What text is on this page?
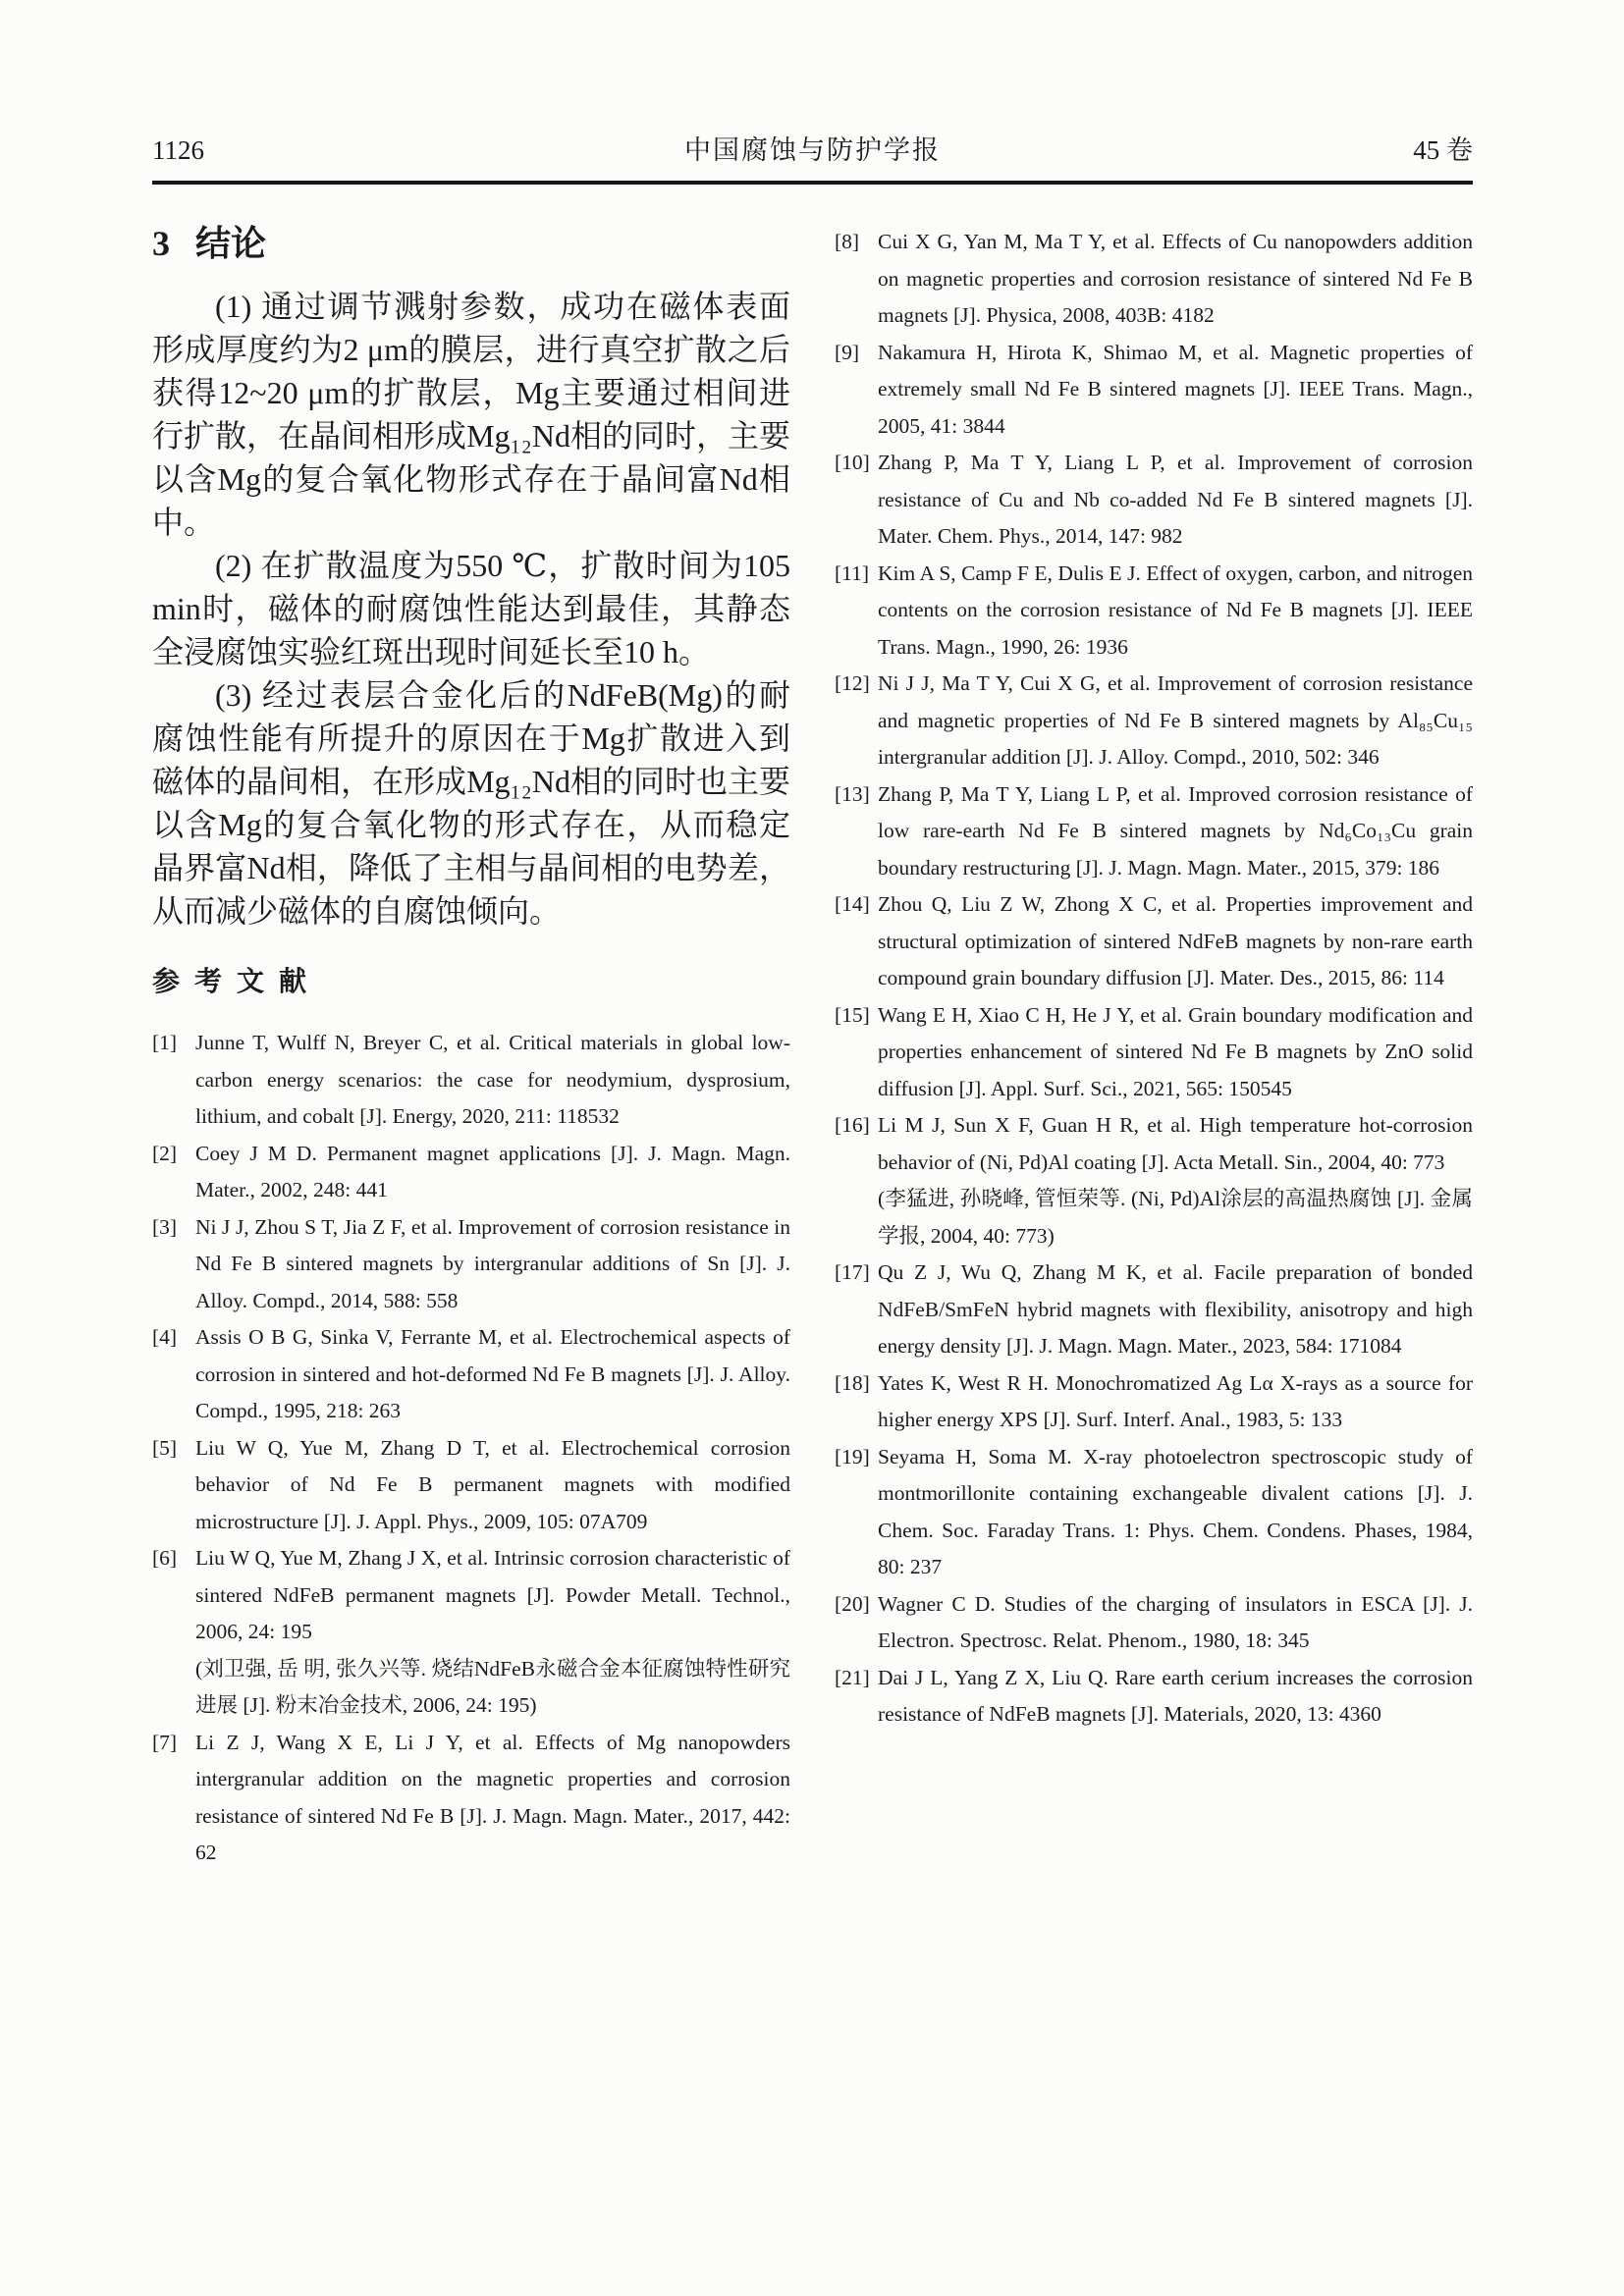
1126	中国腐蚀与防护学报	45 卷
3 结论

(1) 通过调节溅射参数，成功在磁体表面形成厚度约为2 μm的膜层，进行真空扩散之后获得12~20 μm的扩散层，Mg主要通过相间进行扩散，在晶间相形成Mg₁₂Nd相的同时，主要以含Mg的复合氧化物形式存在于晶间富Nd相中。

(2) 在扩散温度为550 ℃，扩散时间为105 min时，磁体的耐腐蚀性能达到最佳，其静态全浸腐蚀实验红斑出现时间延长至10 h。

(3) 经过表层合金化后的NdFeB(Mg)的耐腐蚀性能有所提升的原因在于Mg扩散进入到磁体的晶间相，在形成Mg₁₂Nd相的同时也主要以含Mg的复合氧化物的形式存在，从而稳定晶界富Nd相，降低了主相与晶间相的电势差，从而减少磁体的自腐蚀倾向。

参 考 文 献
[1] Junne T, Wulff N, Breyer C, et al. Critical materials in global low-carbon energy scenarios: the case for neodymium, dysprosium, lithium, and cobalt [J]. Energy, 2020, 211: 118532
[2] Coey J M D. Permanent magnet applications [J]. J. Magn. Magn. Mater., 2002, 248: 441
[3] Ni J J, Zhou S T, Jia Z F, et al. Improvement of corrosion resistance in Nd Fe B sintered magnets by intergranular additions of Sn [J]. J. Alloy. Compd., 2014, 588: 558
[4] Assis O B G, Sinka V, Ferrante M, et al. Electrochemical aspects of corrosion in sintered and hot-deformed Nd Fe B magnets [J]. J. Alloy. Compd., 1995, 218: 263
[5] Liu W Q, Yue M, Zhang D T, et al. Electrochemical corrosion behavior of Nd Fe B permanent magnets with modified microstructure [J]. J. Appl. Phys., 2009, 105: 07A709
[6] Liu W Q, Yue M, Zhang J X, et al. Intrinsic corrosion characteristic of sintered NdFeB permanent magnets [J]. Powder Metall. Technol., 2006, 24: 195
(刘卫强, 岳 明, 张久兴等. 烧结NdFeB永磁合金本征腐蚀特性研究进展 [J]. 粉末冶金技术, 2006, 24: 195)
[7] Li Z J, Wang X E, Li J Y, et al. Effects of Mg nanopowders intergranular addition on the magnetic properties and corrosion resistance of sintered Nd Fe B [J]. J. Magn. Magn. Mater., 2017, 442: 62
[8] Cui X G, Yan M, Ma T Y, et al. Effects of Cu nanopowders addition on magnetic properties and corrosion resistance of sintered Nd Fe B magnets [J]. Physica, 2008, 403B: 4182
[9] Nakamura H, Hirota K, Shimao M, et al. Magnetic properties of extremely small Nd Fe B sintered magnets [J]. IEEE Trans. Magn., 2005, 41: 3844
[10] Zhang P, Ma T Y, Liang L P, et al. Improvement of corrosion resistance of Cu and Nb co-added Nd Fe B sintered magnets [J]. Mater. Chem. Phys., 2014, 147: 982
[11] Kim A S, Camp F E, Dulis E J. Effect of oxygen, carbon, and nitrogen contents on the corrosion resistance of Nd Fe B magnets [J]. IEEE Trans. Magn., 1990, 26: 1936
[12] Ni J J, Ma T Y, Cui X G, et al. Improvement of corrosion resistance and magnetic properties of Nd Fe B sintered magnets by Al₈₅Cu₁₅ intergranular addition [J]. J. Alloy. Compd., 2010, 502: 346
[13] Zhang P, Ma T Y, Liang L P, et al. Improved corrosion resistance of low rare-earth Nd Fe B sintered magnets by Nd₆Co₁₃Cu grain boundary restructuring [J]. J. Magn. Magn. Mater., 2015, 379: 186
[14] Zhou Q, Liu Z W, Zhong X C, et al. Properties improvement and structural optimization of sintered NdFeB magnets by non-rare earth compound grain boundary diffusion [J]. Mater. Des., 2015, 86: 114
[15] Wang E H, Xiao C H, He J Y, et al. Grain boundary modification and properties enhancement of sintered Nd Fe B magnets by ZnO solid diffusion [J]. Appl. Surf. Sci., 2021, 565: 150545
[16] Li M J, Sun X F, Guan H R, et al. High temperature hot-corrosion behavior of (Ni, Pd)Al coating [J]. Acta Metall. Sin., 2004, 40: 773
(李猛进, 孙晓峰, 管恒荣等. (Ni, Pd)Al涂层的高温热腐蚀 [J]. 金属学报, 2004, 40: 773)
[17] Qu Z J, Wu Q, Zhang M K, et al. Facile preparation of bonded NdFeB/SmFeN hybrid magnets with flexibility, anisotropy and high energy density [J]. J. Magn. Magn. Mater., 2023, 584: 171084
[18] Yates K, West R H. Monochromatized Ag Lα X-rays as a source for higher energy XPS [J]. Surf. Interf. Anal., 1983, 5: 133
[19] Seyama H, Soma M. X-ray photoelectron spectroscopic study of montmorillonite containing exchangeable divalent cations [J]. J. Chem. Soc. Faraday Trans. 1: Phys. Chem. Condens. Phases, 1984, 80: 237
[20] Wagner C D. Studies of the charging of insulators in ESCA [J]. J. Electron. Spectrosc. Relat. Phenom., 1980, 18: 345
[21] Dai J L, Yang Z X, Liu Q. Rare earth cerium increases the corrosion resistance of NdFeB magnets [J]. Materials, 2020, 13: 4360
